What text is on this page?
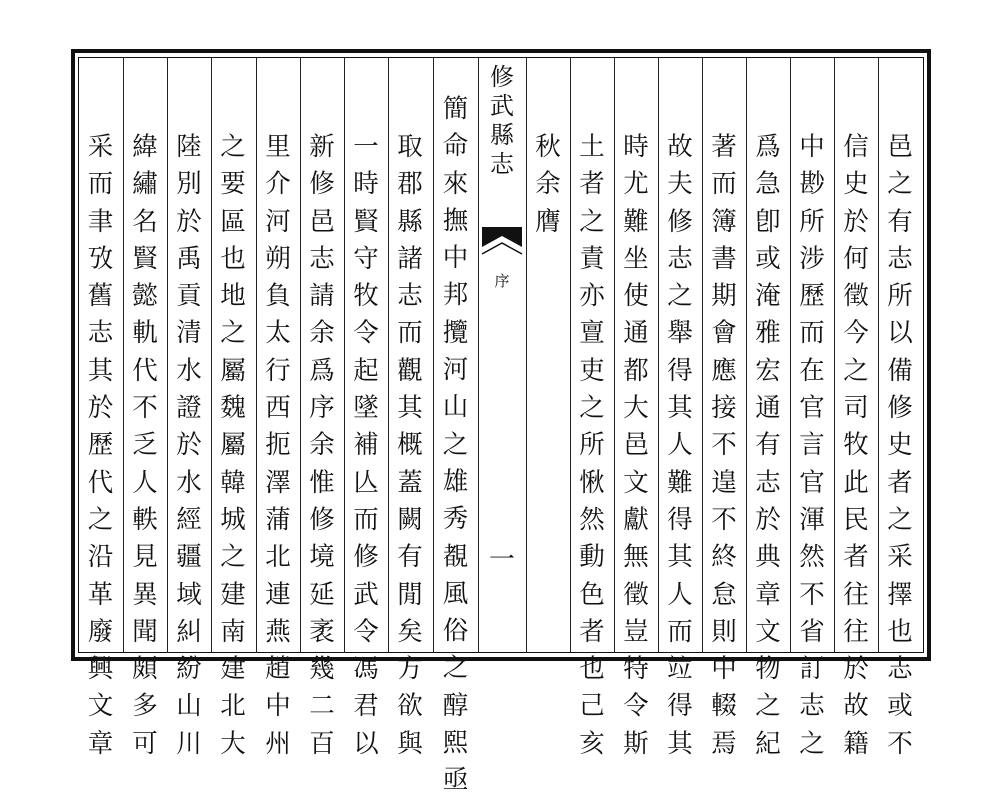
邑
之
有
志
所
以
備
修
史
者
之
采
擇
也
志
或
不
信
史
於
何
徵
今
之
司
牧
此
民
者
往
往
於
故
籍
中
尠
所
涉
歷
而
在
官
言
官
渾
然
不
省
訂
志
之
爲
急
卽
或
淹
雅
宏
通
有
志
於
典
章
文
物
之
紀
著
而
簿
書
期
會
應
接
不
遑
不
終
怠
則
中
輟
焉
故
夫
修
志
之
舉
得
其
人
難
得
其
人
而
竝
得
其
時
尤
難
坐
使
通
都
大
邑
文
獻
無
徵
豈
特
令
斯
土
者
之
責
亦
亶
吏
之
所
愀
然
動
色
者
也
己
亥
秋
余
膺
簡
命
來
撫
中
邦
攬
河
山
之
雄
秀
覩
風
俗
之
醇
熙
亟
取
郡
縣
諸
志
而
觀
其
概
蓋
闕
有
閒
矣
方
欲
與
一
時
賢
守
牧
令
起
墜
補
亾
而
修
武
令
馮
君
以
新
修
邑
志
請
余
爲
序
余
惟
修
境
延
袤
幾
二
百
里
介
河
朔
負
太
行
西
扼
澤
蒲
北
連
燕
趙
中
州
之
要
區
也
地
之
屬
魏
屬
韓
城
之
建
南
建
北
大
陸
別
於
禹
貢
清
水
證
於
水
經
疆
域
糾
紛
山
川
緯
繡
名
賢
懿
軌
代
不
乏
人
軼
見
異
聞
頗
多
可
采
而
聿
攷
舊
志
其
於
歷
代
之
沿
革
廢
興
文
章
修
武
縣
志
序
一
